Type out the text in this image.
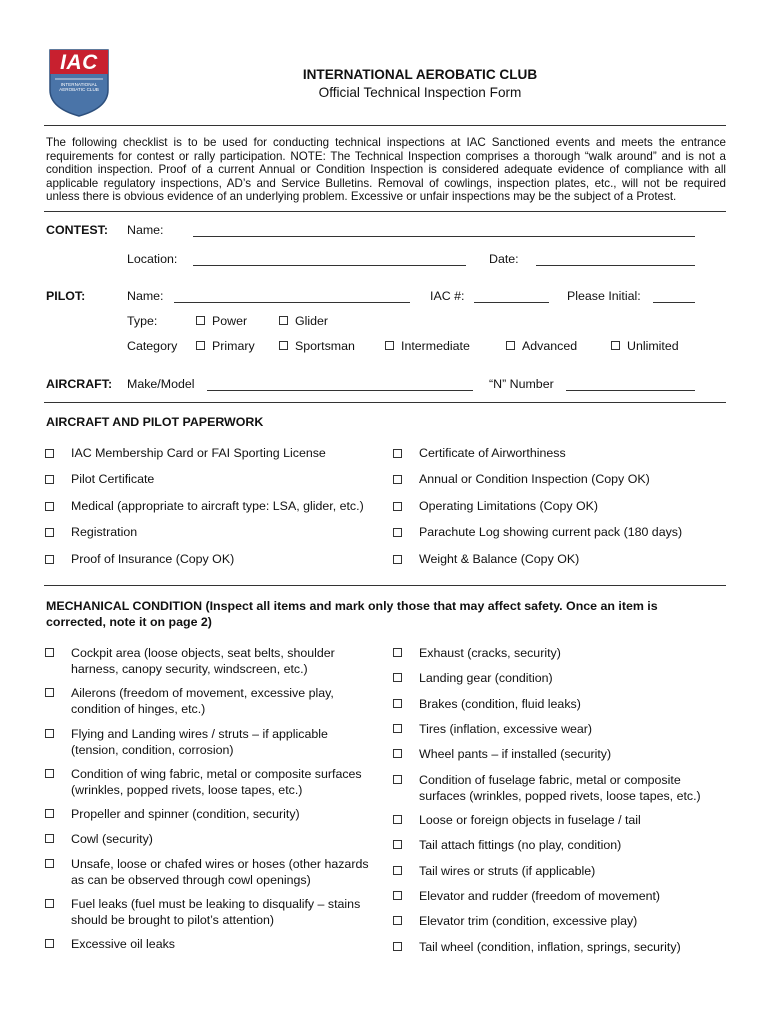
IAC
INTERNATIONAL AEROBATIC CLUB
INTERNATIONAL AEROBATIC CLUB
Official Technical Inspection Form
The following checklist is to be used for conducting technical inspections at IAC Sanctioned events and meets the entrance requirements for contest or rally participation. NOTE: The Technical Inspection comprises a thorough “walk around” and is not a condition inspection. Proof of a current Annual or Condition Inspection is considered adequate evidence of compliance with all applicable regulatory inspections, AD’s and Service Bulletins. Removal of cowlings, inspection plates, etc., will not be required unless there is obvious evidence of an underlying problem. Excessive or unfair inspections may be the subject of a Protest.
CONTEST: Name:
Location:	Date:
PILOT:	Name:	IAC #:	Please Initial:
Type:	Power	Glider
Category	Primary	Sportsman	Intermediate	Advanced	Unlimited
AIRCRAFT: Make/Model	“N” Number
AIRCRAFT AND PILOT PAPERWORK
IAC Membership Card or FAI Sporting License
Pilot Certificate
Medical (appropriate to aircraft type: LSA, glider, etc.)
Registration
Proof of Insurance (Copy OK)
Certificate of Airworthiness
Annual or Condition Inspection (Copy OK)
Operating Limitations (Copy OK)
Parachute Log showing current pack (180 days)
Weight & Balance (Copy OK)
MECHANICAL CONDITION (Inspect all items and mark only those that may affect safety. Once an item is
corrected, note it on page 2)
Cockpit area (loose objects, seat belts, shoulder
harness, canopy security, windscreen, etc.)
Ailerons (freedom of movement, excessive play,
condition of hinges, etc.)
Flying and Landing wires / struts – if applicable
(tension, condition, corrosion)
Condition of wing fabric, metal or composite surfaces
(wrinkles, popped rivets, loose tapes, etc.)
Propeller and spinner (condition, security)
Cowl (security)
Unsafe, loose or chafed wires or hoses (other hazards
as can be observed through cowl openings)
Fuel leaks (fuel must be leaking to disqualify – stains
should be brought to pilot’s attention)
Excessive oil leaks
Exhaust (cracks, security)
Landing gear (condition)
Brakes (condition, fluid leaks)
Tires (inflation, excessive wear)
Wheel pants – if installed (security)
Condition of fuselage fabric, metal or composite
surfaces (wrinkles, popped rivets, loose tapes, etc.)
Loose or foreign objects in fuselage / tail
Tail attach fittings (no play, condition)
Tail wires or struts (if applicable)
Elevator and rudder (freedom of movement)
Elevator trim (condition, excessive play)
Tail wheel (condition, inflation, springs, security)
